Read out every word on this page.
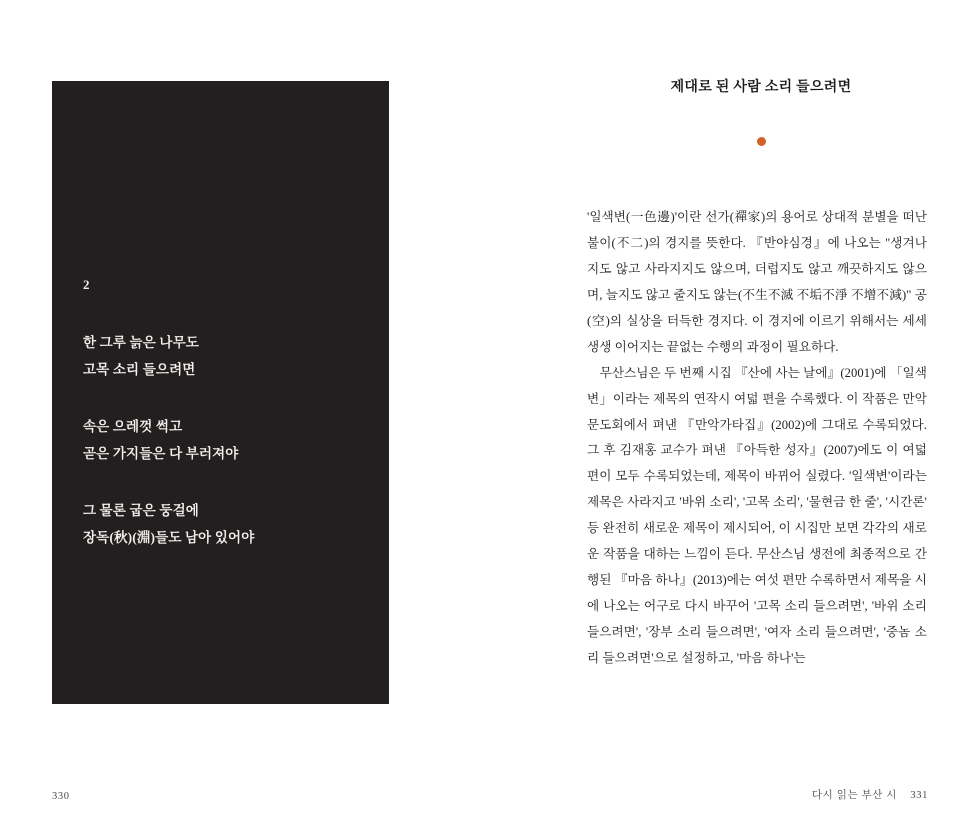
2
한 그루 늙은 나무도
고목 소리 들으려면
속은 으레껏 썩고
곧은 가지들은 다 부러져야
그 물론 굽은 둥걸에
장독(秋)(淵)들도 남아 있어야
330
제대로 된 사람 소리 들으려면

'일색변(一色邊)'이란 선가(禪家)의 용어로 상대적 분별을 떠난 불이(不二)의 경지를 뜻한다. 『반야심경』에 나오는 "생겨나지도 않고 사라지지도 않으며, 더럽지도 않고 깨끗하지도 않으며, 늘지도 않고 줄지도 않는(不生不滅 不垢不淨 不增不減)" 공(空)의 실상을 터득한 경지다. 이 경지에 이르기 위해서는 세세생생 이어지는 끝없는 수행의 과정이 필요하다.

무산스님은 두 번째 시집 『산에 사는 날에』(2001)에 「일색변」이라는 제목의 연작시 여덟 편을 수록했다. 이 작품은 만악문도회에서 펴낸 『만악가타집』(2002)에 그대로 수록되었다. 그 후 김재홍 교수가 펴낸 『아득한 성자』(2007)에도 이 여덟 편이 모두 수록되었는데, 제목이 바뀌어 실렸다. '일색변'이라는 제목은 사라지고 '바위 소리', '고목 소리', '물현금 한 줄', '시간론' 등 완전히 새로운 제목이 제시되어, 이 시집만 보면 각각의 새로운 작품을 대하는 느낌이 든다. 무산스님 생전에 최종적으로 간행된 『마음 하나』(2013)에는 여섯 편만 수록하면서 제목을 시에 나오는 어구로 다시 바꾸어 '고목 소리 들으려면', '바위 소리 들으려면', '장부 소리 들으려면', '여자 소리 들으려면', '중놈 소리 들으려면'으로 설정하고, '마음 하나'는

다시 읽는 부산 시 331
